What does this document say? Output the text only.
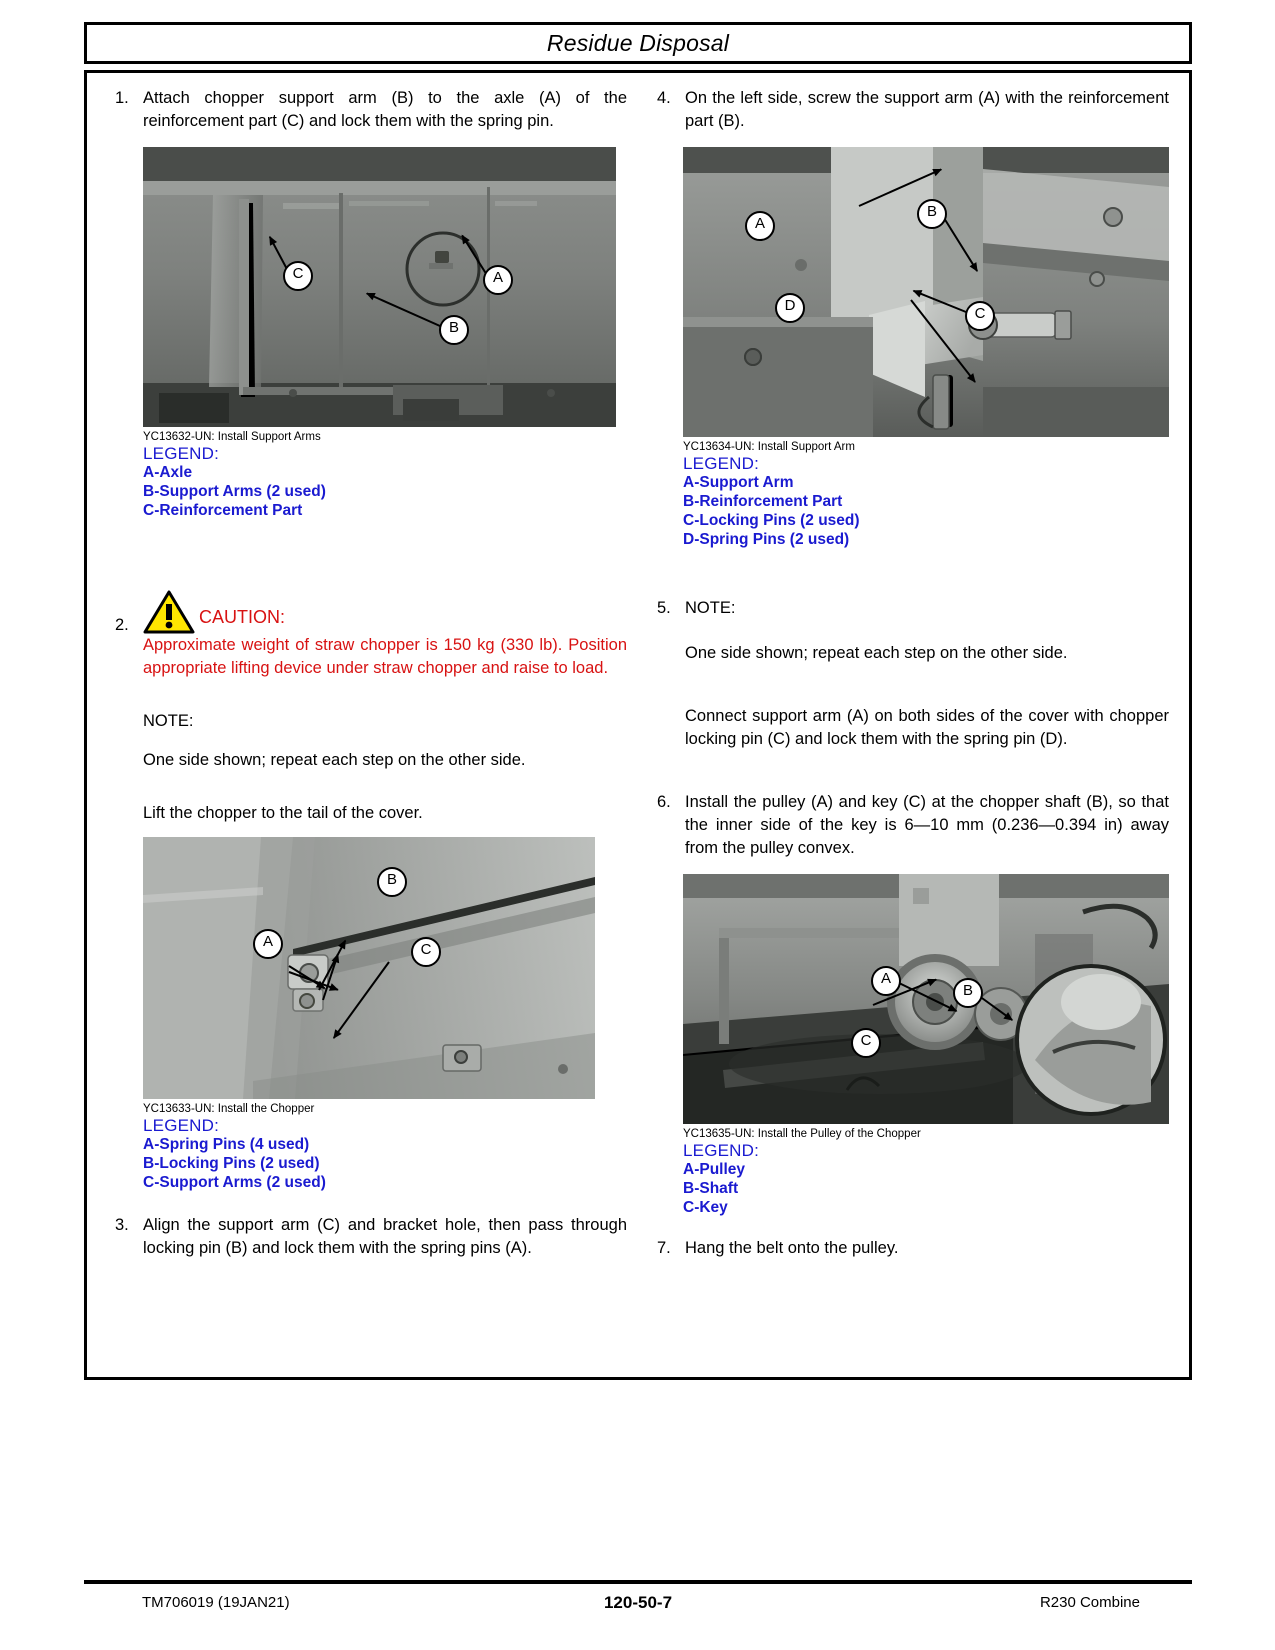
Residue Disposal
1. Attach chopper support arm (B) to the axle (A) of the reinforcement part (C) and lock them with the spring pin.
C	A
B
YC13632-UN: Install Support Arms
LEGEND:
A-Axle
B-Support Arms (2 used)
C-Reinforcement Part
2.	CAUTION:
Approximate weight of straw chopper is 150 kg (330 lb). Position appropriate lifting device under straw chopper and raise to load.
NOTE:
One side shown; repeat each step on the other side.
Lift the chopper to the tail of the cover.
B
A	C
YC13633-UN: Install the Chopper
LEGEND:
A-Spring Pins (4 used)
B-Locking Pins (2 used)
C-Support Arms (2 used)
3. Align the support arm (C) and bracket hole, then pass through locking pin (B) and lock them with the spring pins (A).
4. On the left side, screw the support arm (A) with the reinforcement part (B).
A
B
D	C
YC13634-UN: Install Support Arm
LEGEND:
A-Support Arm
B-Reinforcement Part
C-Locking Pins (2 used)
D-Spring Pins (2 used)
5. NOTE:
One side shown; repeat each step on the other side.
Connect support arm (A) on both sides of the cover with chopper locking pin (C) and lock them with the spring pin (D).
6. Install the pulley (A) and key (C) at the chopper shaft (B), so that the inner side of the key is 6—10 mm (0.236—0.394 in) away from the pulley convex.
A
B
C
YC13635-UN: Install the Pulley of the Chopper
LEGEND:
A-Pulley
B-Shaft
C-Key
7. Hang the belt onto the pulley.
TM706019 (19JAN21)	120-50-7	R230 Combine
